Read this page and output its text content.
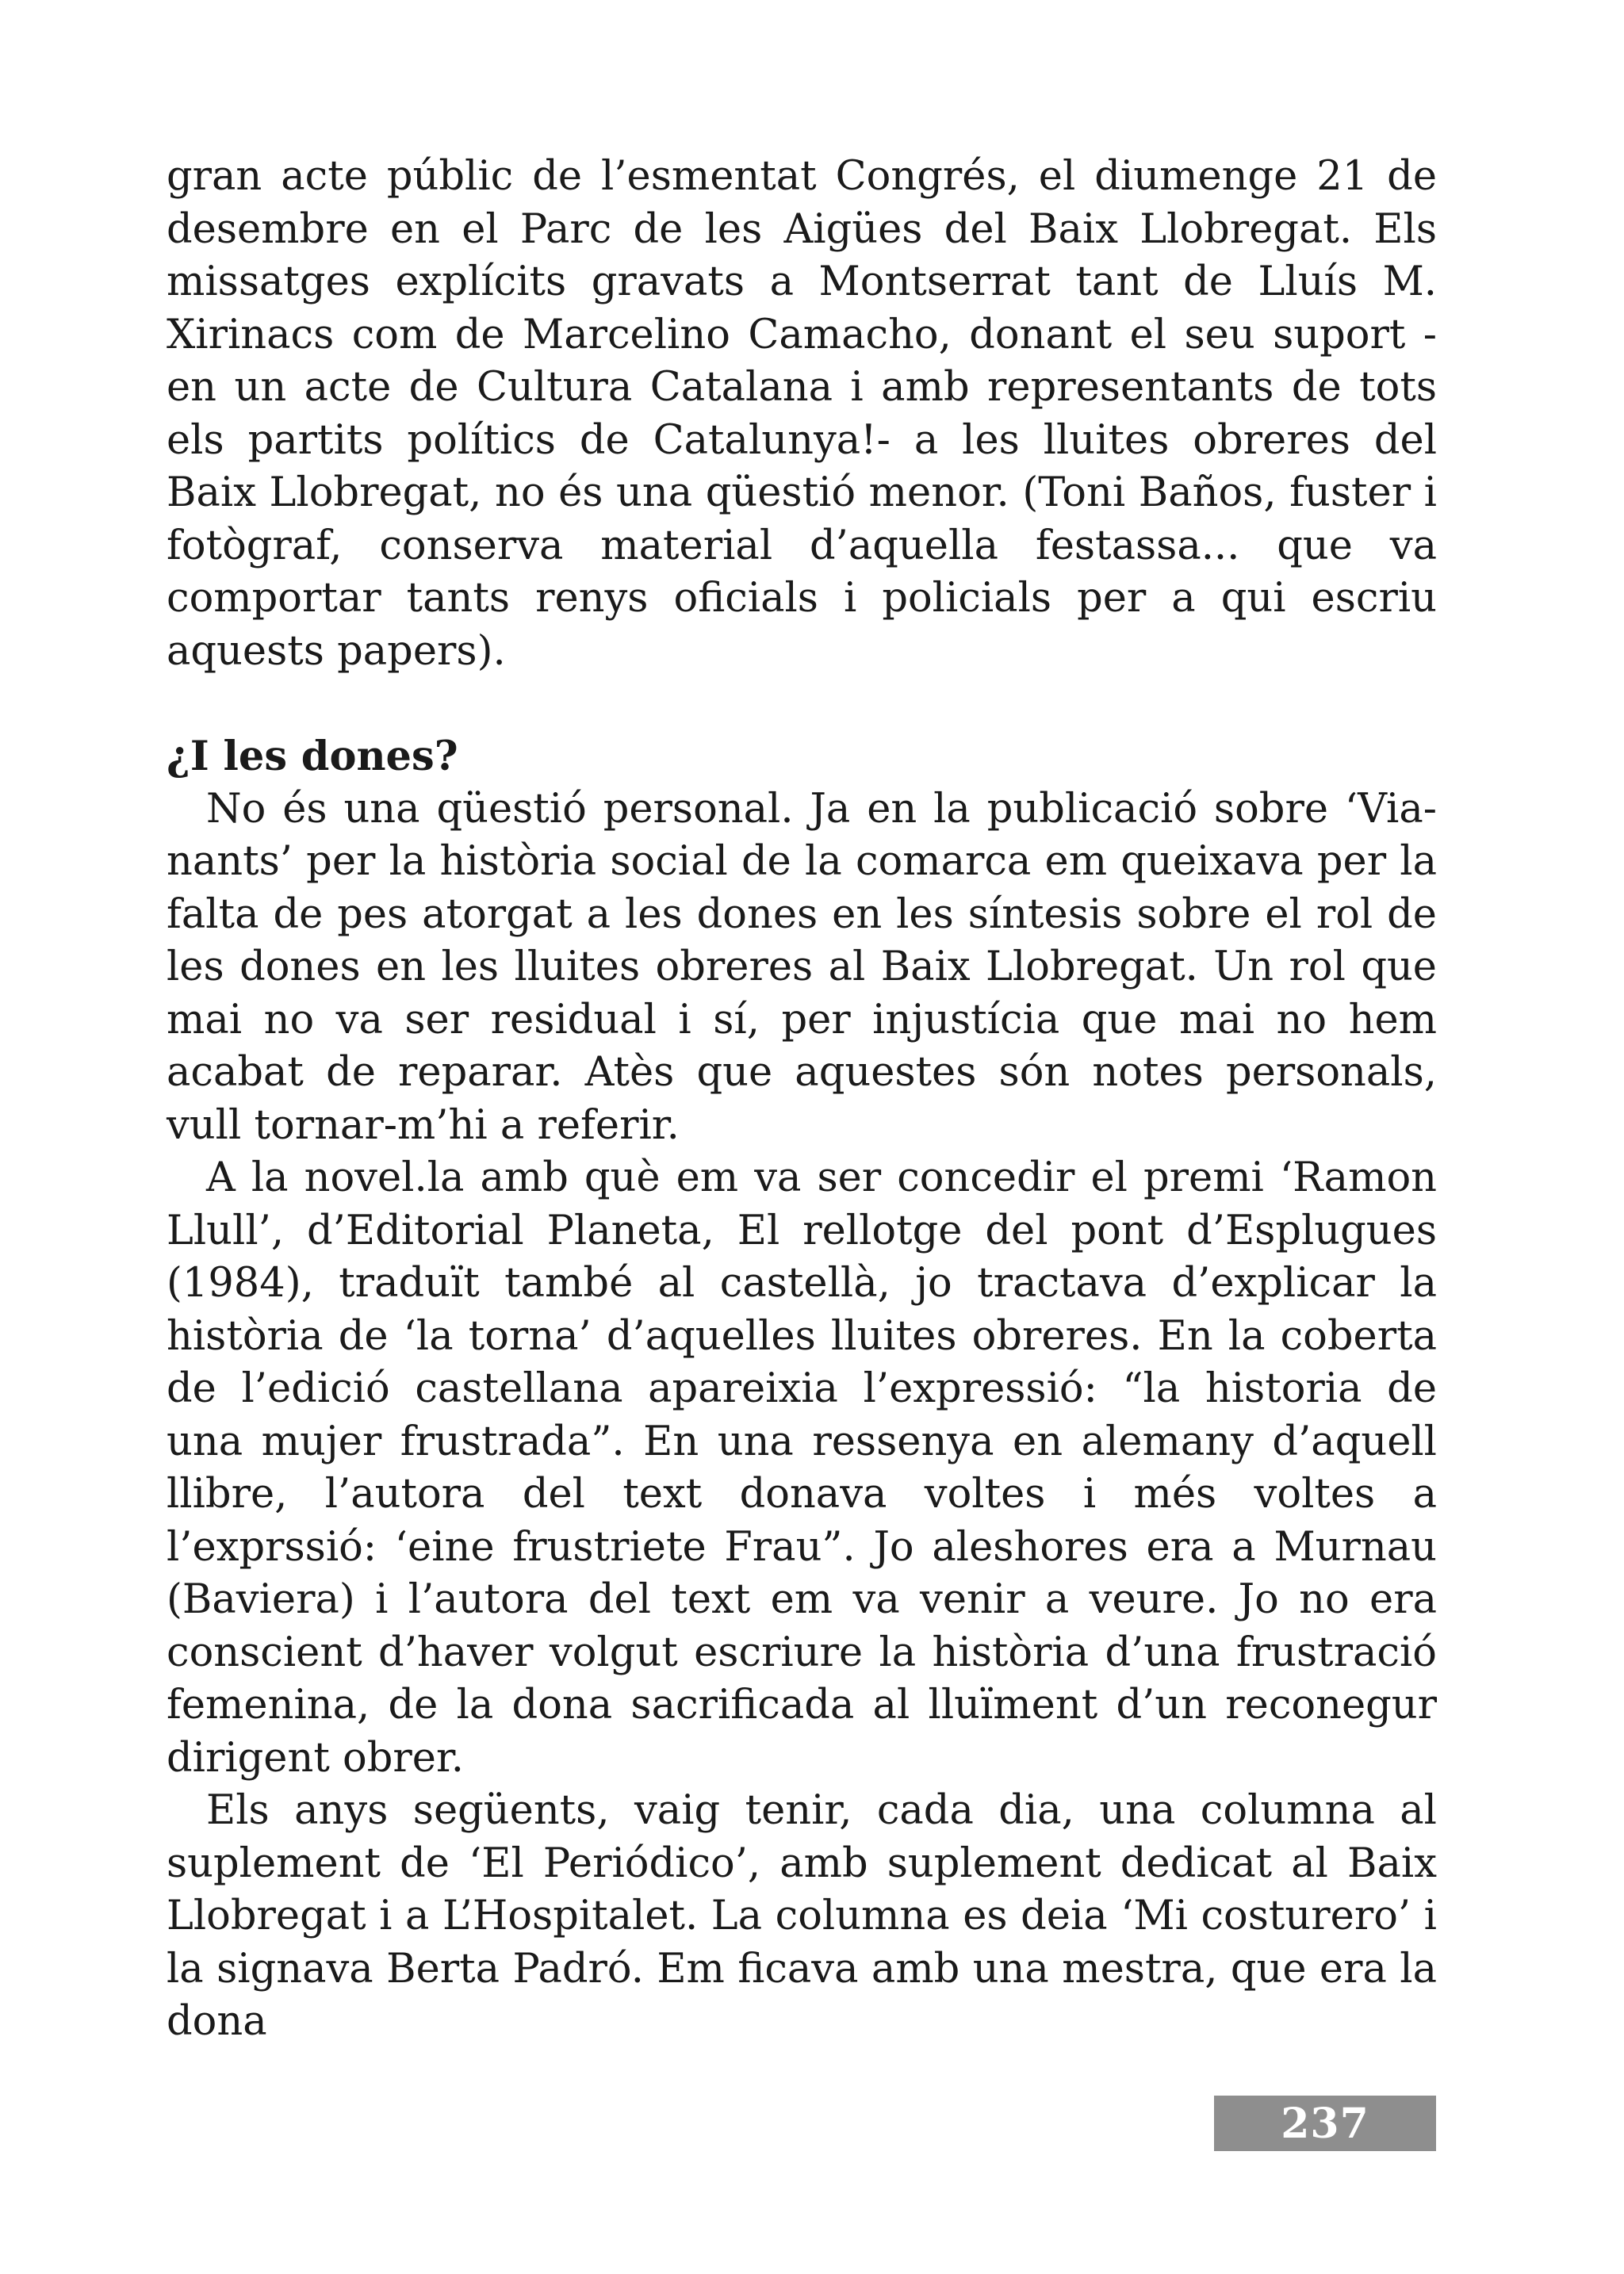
gran acte públic de l’esmentat Congrés, el diumenge 21 de desembre en el Parc de les Aigües del Baix Llobregat. Els missatges explícits gravats a Montserrat tant de Lluís M. Xirinacs com de Marcelino Camacho, donant el seu suport -en un acte de Cultura Catalana i amb representants de tots els partits polítics de Catalunya!- a les lluites obreres del Baix Llobregat, no és una qüestió menor. (Toni Baños, fuster i fotògraf, conserva material d’aquella festassa... que va comportar tants renys oficials i policials per a qui escriu aquests papers).

¿I les dones?

No és una qüestió personal. Ja en la publicació sobre ‘Vianants’ per la història social de la comarca em queixava per la falta de pes atorgat a les dones en les síntesis sobre el rol de les dones en les lluites obreres al Baix Llobregat. Un rol que mai no va ser residual i sí, per injustícia que mai no hem acabat de reparar. Atès que aquestes són notes personals, vull tornar-m’hi a referir.

A la novel.la amb què em va ser concedir el premi ‘Ramon Llull’, d’Editorial Planeta, El rellotge del pont d’Esplugues (1984), traduït també al castellà, jo tractava d’explicar la història de ‘la torna’ d’aquelles lluites obreres. En la coberta de l’edició castellana apareixia l’expressió: “la historia de una mujer frustrada”. En una ressenya en alemany d’aquell llibre, l’autora del text donava voltes i més voltes a l’exprssió: ‘eine frustriete Frau”. Jo aleshores era a Murnau (Baviera) i l’autora del text em va venir a veure. Jo no era conscient d’haver volgut escriure la història d’una frustració femenina, de la dona sacrificada al lluïment d’un reconegur dirigent obrer.

Els anys següents, vaig tenir, cada dia, una columna al suplement de ‘El Periódico’, amb suplement dedicat al Baix Llobregat i a L’Hospitalet. La columna es deia ‘Mi costurero’ i la signava Berta Padró. Em ficava amb una mestra, que era la dona

237
